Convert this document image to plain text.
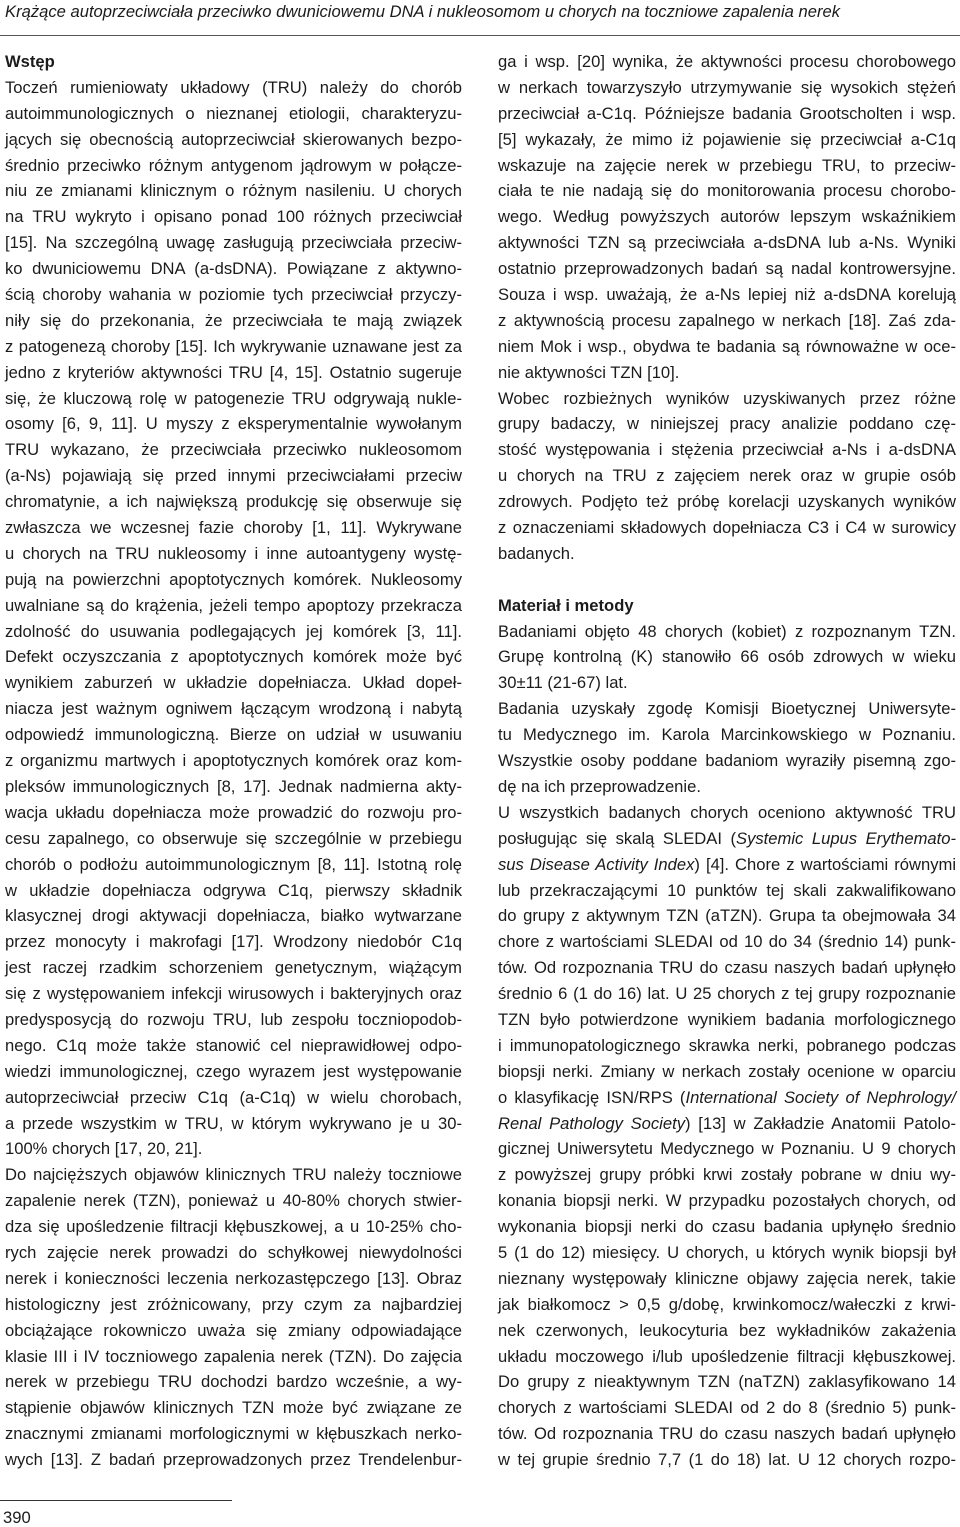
Krążące autoprzeciwciała przeciwko dwuniciowemu DNA i nukleosomom u chorych na toczniowe zapalenia nerek
Wstęp
Toczeń rumieniowaty układowy (TRU) należy do chorób
autoimmunologicznych o nieznanej etiologii, charakteryzu-
jących się obecnością autoprzeciwciał skierowanych bezpo-
średnio przeciwko różnym antygenom jądrowym w połącze-
niu ze zmianami klinicznym o różnym nasileniu. U chorych
na TRU wykryto i opisano ponad 100 różnych przeciwciał
[15]. Na szczególną uwagę zasługują przeciwciała przeciw-
ko dwuniciowemu DNA (a-dsDNA). Powiązane z aktywno-
ścią choroby wahania w poziomie tych przeciwciał przyczy-
niły się do przekonania, że przeciwciała te mają związek
z patogenezą choroby [15]. Ich wykrywanie uznawane jest za
jedno z kryteriów aktywności TRU [4, 15]. Ostatnio sugeruje
się, że kluczową rolę w patogenezie TRU odgrywają nukle-
osomy [6, 9, 11]. U myszy z eksperymentalnie wywołanym
TRU wykazano, że przeciwciała przeciwko nukleosomom
(a-Ns) pojawiają się przed innymi przeciwciałami przeciw
chromatynie, a ich największą produkcję się obserwuje się
zwłaszcza we wczesnej fazie choroby [1, 11]. Wykrywane
u chorych na TRU nukleosomy i inne autoantygeny wystę-
pują na powierzchni apoptotycznych komórek. Nukleosomy
uwalniane są do krążenia, jeżeli tempo apoptozy przekracza
zdolność do usuwania podlegających jej komórek [3, 11].
Defekt oczyszczania z apoptotycznych komórek może być
wynikiem zaburzeń w układzie dopełniacza. Układ dopeł-
niacza jest ważnym ogniwem łączącym wrodzoną i nabytą
odpowiedź immunologiczną. Bierze on udział w usuwaniu
z organizmu martwych i apoptotycznych komórek oraz kom-
pleksów immunologicznych [8, 17]. Jednak nadmierna akty-
wacja układu dopełniacza może prowadzić do rozwoju pro-
cesu zapalnego, co obserwuje się szczególnie w przebiegu
chorób o podłożu autoimmunologicznym [8, 11]. Istotną rolę
w układzie dopełniacza odgrywa C1q, pierwszy składnik
klasycznej drogi aktywacji dopełniacza, białko wytwarzane
przez monocyty i makrofagi [17]. Wrodzony niedobór C1q
jest raczej rzadkim schorzeniem genetycznym, wiążącym
się z występowaniem infekcji wirusowych i bakteryjnych oraz
predysposycją do rozwoju TRU, lub zespołu toczniopodob-
nego. C1q może także stanowić cel nieprawidłowej odpo-
wiedzi immunologicznej, czego wyrazem jest występowanie
autoprzeciwciał przeciw C1q (a-C1q) w wielu chorobach,
a przede wszystkim w TRU, w którym wykrywano je u 30-
100% chorych [17, 20, 21].
Do najcięższych objawów klinicznych TRU należy toczniowe
zapalenie nerek (TZN), ponieważ u 40-80% chorych stwier-
dza się upośledzenie filtracji kłębuszkowej, a u 10-25% cho-
rych zajęcie nerek prowadzi do schyłkowej niewydolności
nerek i konieczności leczenia nerkozastępczego [13]. Obraz
histologiczny jest zróżnicowany, przy czym za najbardziej
obciążające rokowniczo uważa się zmiany odpowiadające
klasie III i IV toczniowego zapalenia nerek (TZN). Do zajęcia
nerek w przebiegu TRU dochodzi bardzo wcześnie, a wy-
stąpienie objawów klinicznych TZN może być związane ze
znacznymi zmianami morfologicznymi w kłębuszkach nerko-
wych [13]. Z badań przeprowadzonych przez Trendelenbur-
ga i wsp. [20] wynika, że aktywności procesu chorobowego
w nerkach towarzyszyło utrzymywanie się wysokich stężeń
przeciwciał a-C1q. Późniejsze badania Grootscholten i wsp.
[5] wykazały, że mimo iż pojawienie się przeciwciał a-C1q
wskazuje na zajęcie nerek w przebiegu TRU, to przeciw-
ciała te nie nadają się do monitorowania procesu chorobo-
wego. Według powyższych autorów lepszym wskaźnikiem
aktywności TZN są przeciwciała a-dsDNA lub a-Ns. Wyniki
ostatnio przeprowadzonych badań są nadal kontrowersyjne.
Souza i wsp. uważają, że a-Ns lepiej niż a-dsDNA korelują
z aktywnością procesu zapalnego w nerkach [18]. Zaś zda-
niem Mok i wsp., obydwa te badania są równoważne w oce-
nie aktywności TZN [10].
Wobec rozbieżnych wyników uzyskiwanych przez różne
grupy badaczy, w niniejszej pracy analizie poddano czę-
stość występowania i stężenia przeciwciał a-Ns i a-dsDNA
u chorych na TRU z zajęciem nerek oraz w grupie osób
zdrowych. Podjęto też próbę korelacji uzyskanych wyników
z oznaczeniami składowych dopełniacza C3 i C4 w surowicy
badanych.
Materiał i metody
Badaniami objęto 48 chorych (kobiet) z rozpoznanym TZN.
Grupę kontrolną (K) stanowiło 66 osób zdrowych w wieku
30±11 (21-67) lat.
Badania uzyskały zgodę Komisji Bioetycznej Uniwersyte-
tu Medycznego im. Karola Marcinkowskiego w Poznaniu.
Wszystkie osoby poddane badaniom wyraziły pisemną zgo-
dę na ich przeprowadzenie.
U wszystkich badanych chorych oceniono aktywność TRU
posługując się skalą SLEDAI (Systemic Lupus Erythemato-
sus Disease Activity Index) [4]. Chore z wartościami równymi
lub przekraczającymi 10 punktów tej skali zakwalifikowano
do grupy z aktywnym TZN (aTZN). Grupa ta obejmowała 34
chore z wartościami SLEDAI od 10 do 34 (średnio 14) punk-
tów. Od rozpoznania TRU do czasu naszych badań upłynęło
średnio 6 (1 do 16) lat. U 25 chorych z tej grupy rozpoznanie
TZN było potwierdzone wynikiem badania morfologicznego
i immunopatologicznego skrawka nerki, pobranego podczas
biopsji nerki. Zmiany w nerkach zostały ocenione w oparciu
o klasyfikację ISN/RPS (International Society of Nephrology/
Renal Pathology Society) [13] w Zakładzie Anatomii Patolo-
gicznej Uniwersytetu Medycznego w Poznaniu. U 9 chorych
z powyższej grupy próbki krwi zostały pobrane w dniu wy-
konania biopsji nerki. W przypadku pozostałych chorych, od
wykonania biopsji nerki do czasu badania upłynęło średnio
5 (1 do 12) miesięcy. U chorych, u których wynik biopsji był
nieznany występowały kliniczne objawy zajęcia nerek, takie
jak białkomocz > 0,5 g/dobę, krwinkomocz/wałeczki z krwi-
nek czerwonych, leukocyturia bez wykładników zakażenia
układu moczowego i/lub upośledzenie filtracji kłębuszkowej.
Do grupy z nieaktywnym TZN (naTZN) zaklasyfikowano 14
chorych z wartościami SLEDAI od 2 do 8 (średnio 5) punk-
tów. Od rozpoznania TRU do czasu naszych badań upłynęło
w tej grupie średnio 7,7 (1 do 18) lat. U 12 chorych rozpo-
390
